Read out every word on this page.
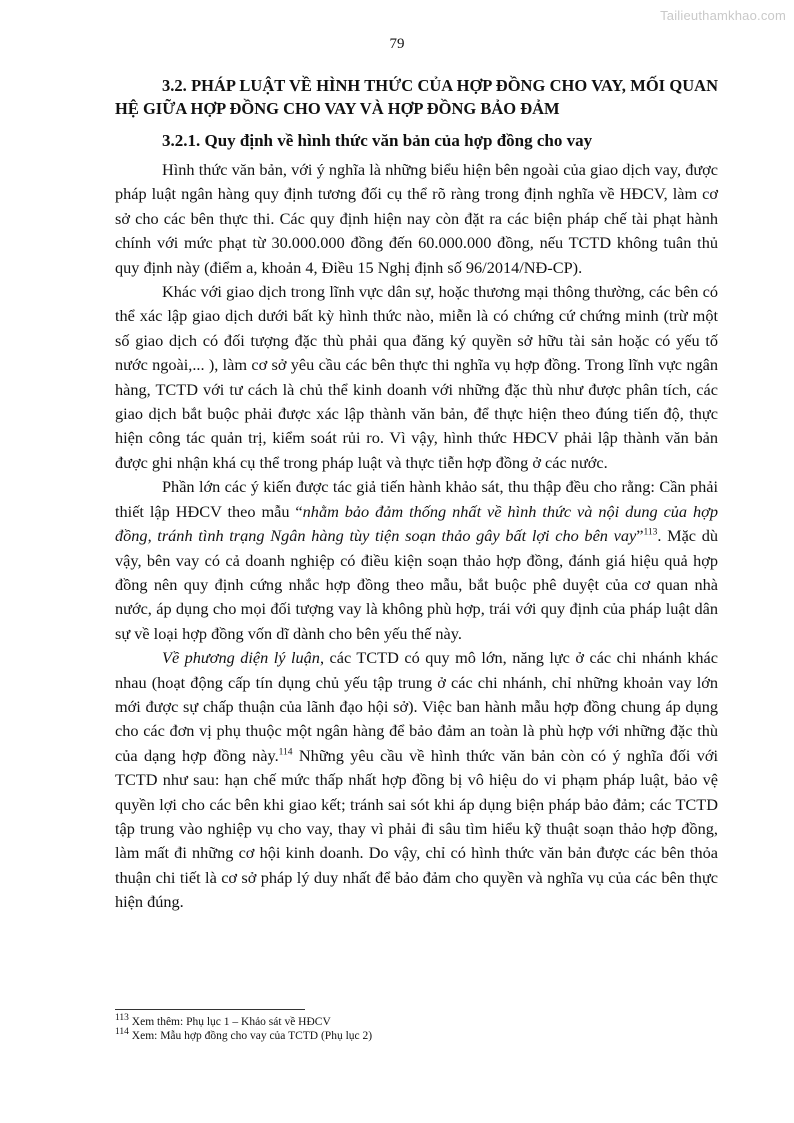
Tailieuthamkhao.com
79

3.2. PHÁP LUẬT VỀ HÌNH THỨC CỦA HỢP ĐỒNG CHO VAY, MỐI QUAN HỆ GIỮA HỢP ĐỒNG CHO VAY VÀ HỢP ĐỒNG BẢO ĐẢM

3.2.1. Quy định về hình thức văn bản của hợp đồng cho vay

Hình thức văn bản, với ý nghĩa là những biểu hiện bên ngoài của giao dịch vay, được pháp luật ngân hàng quy định tương đối cụ thể rõ ràng trong định nghĩa về HĐCV, làm cơ sở cho các bên thực thi. Các quy định hiện nay còn đặt ra các biện pháp chế tài phạt hành chính với mức phạt từ 30.000.000 đồng đến 60.000.000 đồng, nếu TCTD không tuân thủ quy định này (điểm a, khoản 4, Điều 15 Nghị định số 96/2014/NĐ-CP).

Khác với giao dịch trong lĩnh vực dân sự, hoặc thương mại thông thường, các bên có thể xác lập giao dịch dưới bất kỳ hình thức nào, miễn là có chứng cứ chứng minh (trừ một số giao dịch có đối tượng đặc thù phải qua đăng ký quyền sở hữu tài sản hoặc có yếu tố nước ngoài,... ), làm cơ sở yêu cầu các bên thực thi nghĩa vụ hợp đồng. Trong lĩnh vực ngân hàng, TCTD với tư cách là chủ thể kinh doanh với những đặc thù như được phân tích, các giao dịch bắt buộc phải được xác lập thành văn bản, để thực hiện theo đúng tiến độ, thực hiện công tác quản trị, kiểm soát rủi ro. Vì vậy, hình thức HĐCV phải lập thành văn bản được ghi nhận khá cụ thể trong pháp luật và thực tiễn hợp đồng ở các nước.

Phần lớn các ý kiến được tác giả tiến hành khảo sát, thu thập đều cho rằng: Cần phải thiết lập HĐCV theo mẫu “nhằm bảo đảm thống nhất về hình thức và nội dung của hợp đồng, tránh tình trạng Ngân hàng tùy tiện soạn thảo gây bất lợi cho bên vay”$^{113}$. Mặc dù vậy, bên vay có cả doanh nghiệp có điều kiện soạn thảo hợp đồng, đánh giá hiệu quả hợp đồng nên quy định cứng nhắc hợp đồng theo mẫu, bắt buộc phê duyệt của cơ quan nhà nước, áp dụng cho mọi đối tượng vay là không phù hợp, trái với quy định của pháp luật dân sự về loại hợp đồng vốn dĩ dành cho bên yếu thế này.

Về phương diện lý luận, các TCTD có quy mô lớn, năng lực ở các chi nhánh khác nhau (hoạt động cấp tín dụng chủ yếu tập trung ở các chi nhánh, chỉ những khoản vay lớn mới được sự chấp thuận của lãnh đạo hội sở). Việc ban hành mẫu hợp đồng chung áp dụng cho các đơn vị phụ thuộc một ngân hàng để bảo đảm an toàn là phù hợp với những đặc thù của dạng hợp đồng này.$^{114}$ Những yêu cầu về hình thức văn bản còn có ý nghĩa đối với TCTD như sau: hạn chế mức thấp nhất hợp đồng bị vô hiệu do vi phạm pháp luật, bảo vệ quyền lợi cho các bên khi giao kết; tránh sai sót khi áp dụng biện pháp bảo đảm; các TCTD tập trung vào nghiệp vụ cho vay, thay vì phải đi sâu tìm hiểu kỹ thuật soạn thảo hợp đồng, làm mất đi những cơ hội kinh doanh. Do vậy, chỉ có hình thức văn bản được các bên thỏa thuận chi tiết là cơ sở pháp lý duy nhất để bảo đảm cho quyền và nghĩa vụ của các bên thực hiện đúng.

$^{113}$ Xem thêm: Phụ lục 1 – Khảo sát về HĐCV

$^{114}$ Xem: Mẫu hợp đồng cho vay của TCTD (Phụ lục 2)
